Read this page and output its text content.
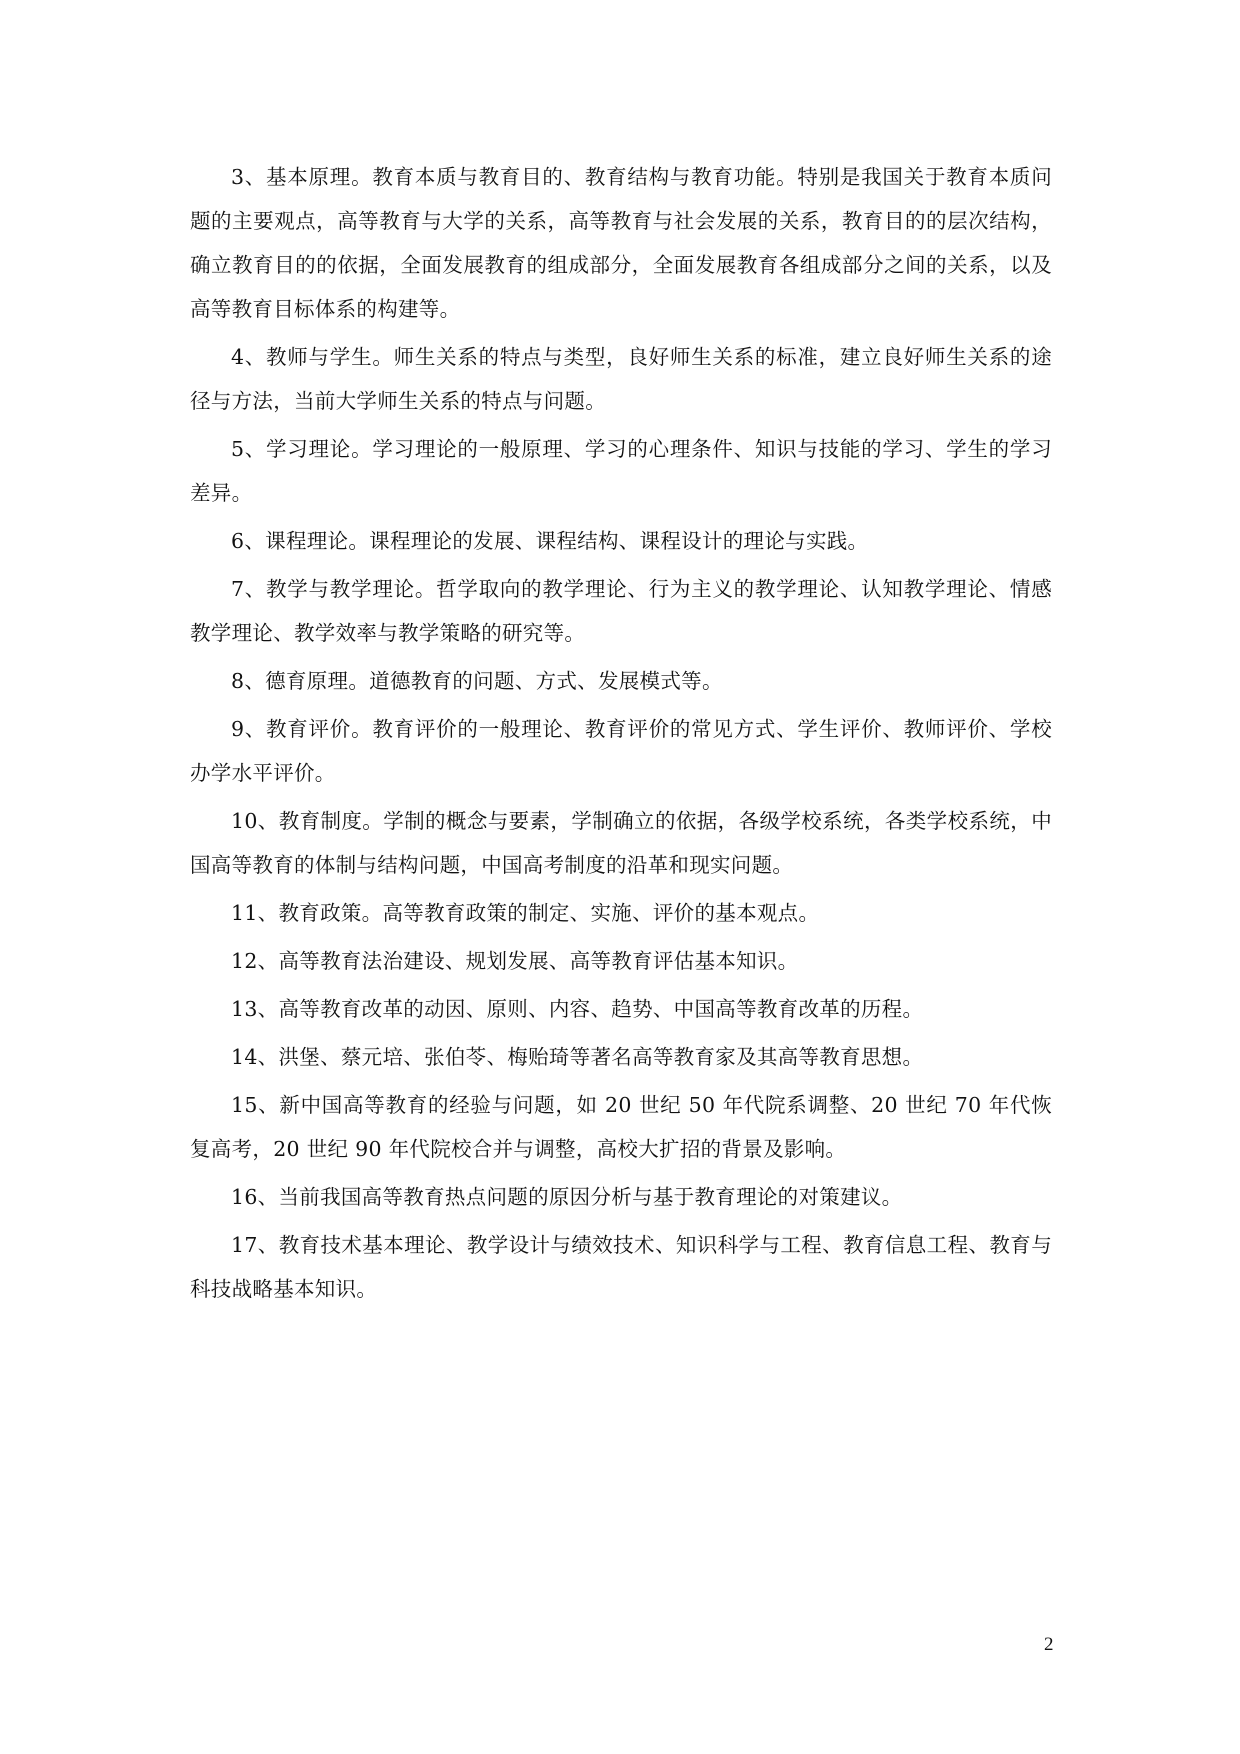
3、基本原理。教育本质与教育目的、教育结构与教育功能。特别是我国关于教育本质问题的主要观点，高等教育与大学的关系，高等教育与社会发展的关系，教育目的的层次结构，确立教育目的的依据，全面发展教育的组成部分，全面发展教育各组成部分之间的关系，以及高等教育目标体系的构建等。

4、教师与学生。师生关系的特点与类型，良好师生关系的标准，建立良好师生关系的途径与方法，当前大学师生关系的特点与问题。

5、学习理论。学习理论的一般原理、学习的心理条件、知识与技能的学习、学生的学习差异。

6、课程理论。课程理论的发展、课程结构、课程设计的理论与实践。

7、教学与教学理论。哲学取向的教学理论、行为主义的教学理论、认知教学理论、情感教学理论、教学效率与教学策略的研究等。

8、德育原理。道德教育的问题、方式、发展模式等。

9、教育评价。教育评价的一般理论、教育评价的常见方式、学生评价、教师评价、学校办学水平评价。

10、教育制度。学制的概念与要素，学制确立的依据，各级学校系统，各类学校系统，中国高等教育的体制与结构问题，中国高考制度的沿革和现实问题。

11、教育政策。高等教育政策的制定、实施、评价的基本观点。

12、高等教育法治建设、规划发展、高等教育评估基本知识。

13、高等教育改革的动因、原则、内容、趋势、中国高等教育改革的历程。

14、洪堡、蔡元培、张伯苓、梅贻琦等著名高等教育家及其高等教育思想。

15、新中国高等教育的经验与问题，如 20 世纪 50 年代院系调整、20 世纪 70 年代恢复高考，20 世纪 90 年代院校合并与调整，高校大扩招的背景及影响。

16、当前我国高等教育热点问题的原因分析与基于教育理论的对策建议。

17、教育技术基本理论、教学设计与绩效技术、知识科学与工程、教育信息工程、教育与科技战略基本知识。

2
